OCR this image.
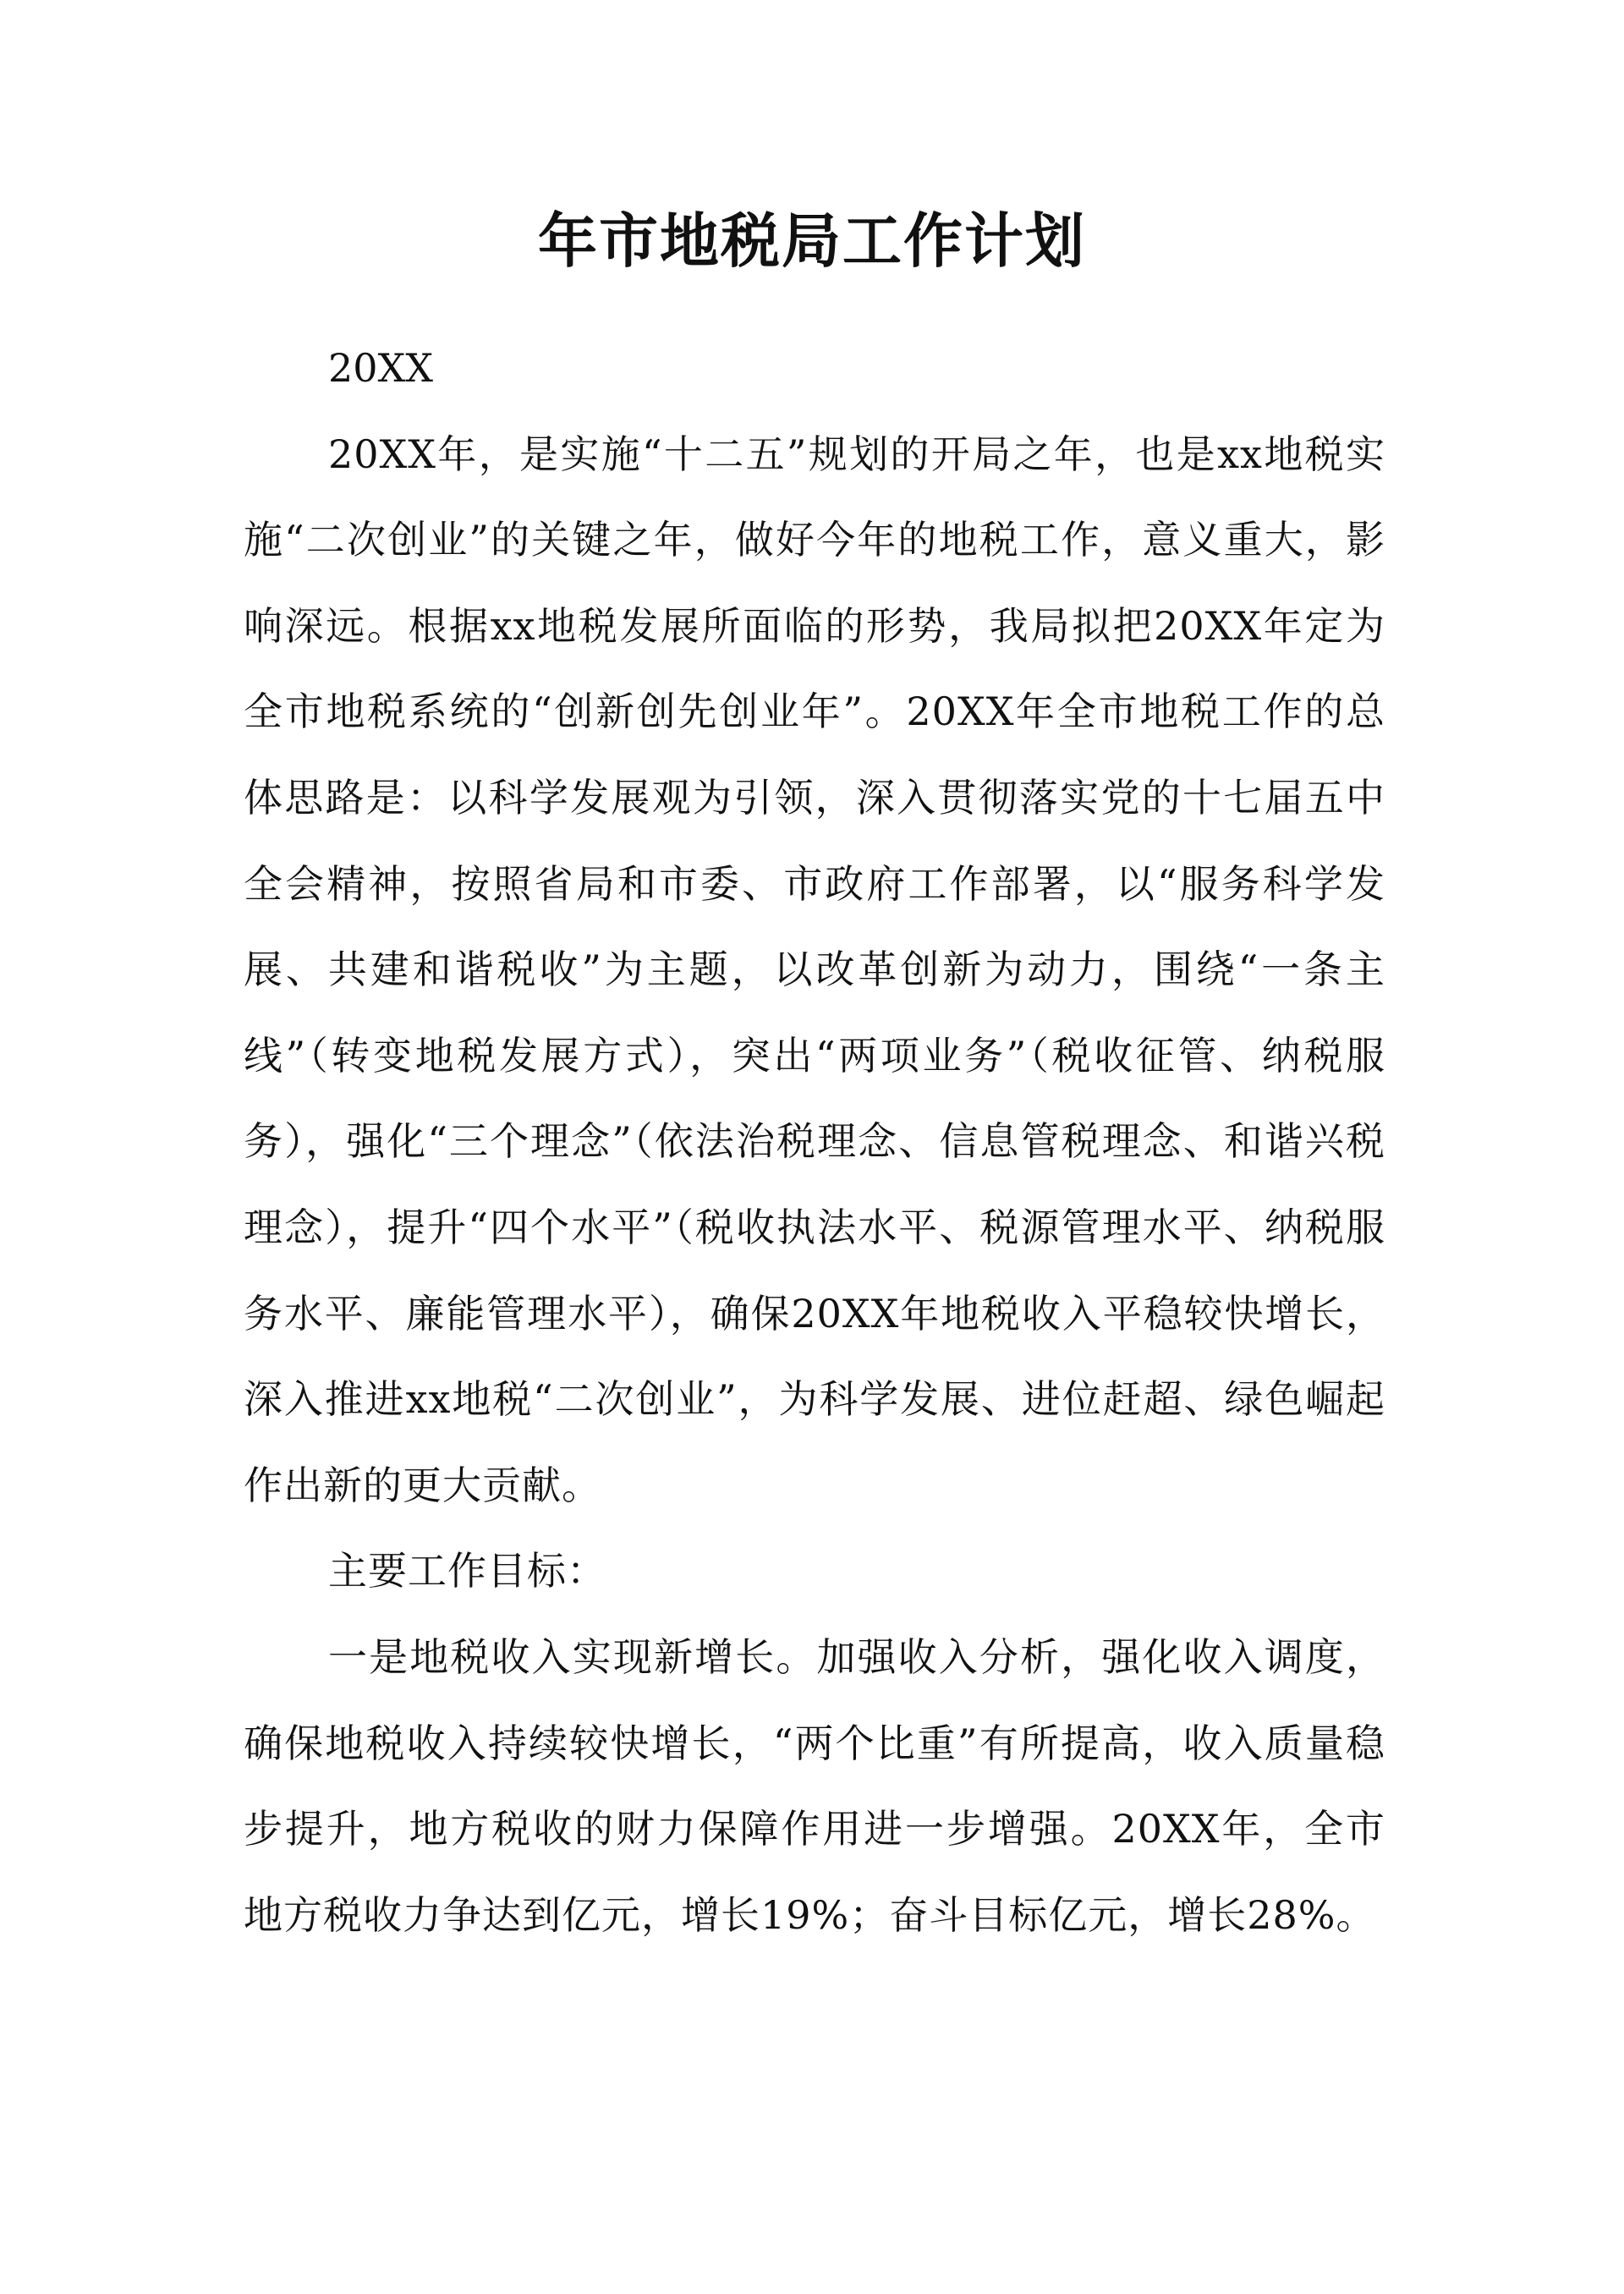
年市地税局工作计划

20XX

20XX年，是实施“十二五”规划的开局之年，也是xx地税实施“二次创业”的关键之年，做好今年的地税工作，意义重大，影响深远。根据xx地税发展所面临的形势，我局拟把20XX年定为全市地税系统的“创新创先创业年”。20XX年全市地税工作的总体思路是：以科学发展观为引领，深入贯彻落实党的十七届五中全会精神，按照省局和市委、市政府工作部署，以“服务科学发展、共建和谐税收”为主题，以改革创新为动力，围绕“一条主线”（转变地税发展方式），突出“两项业务”（税收征管、纳税服务），强化“三个理念”（依法治税理念、信息管税理念、和谐兴税理念），提升“四个水平”（税收执法水平、税源管理水平、纳税服务水平、廉能管理水平），确保20XX年地税收入平稳较快增长，深入推进xx地税“二次创业”，为科学发展、进位赶超、绿色崛起作出新的更大贡献。

主要工作目标：

一是地税收入实现新增长。加强收入分析，强化收入调度，确保地税收入持续较快增长，“两个比重”有所提高，收入质量稳步提升，地方税收的财力保障作用进一步增强。20XX年，全市地方税收力争达到亿元，增长19%；奋斗目标亿元，增长28%。
